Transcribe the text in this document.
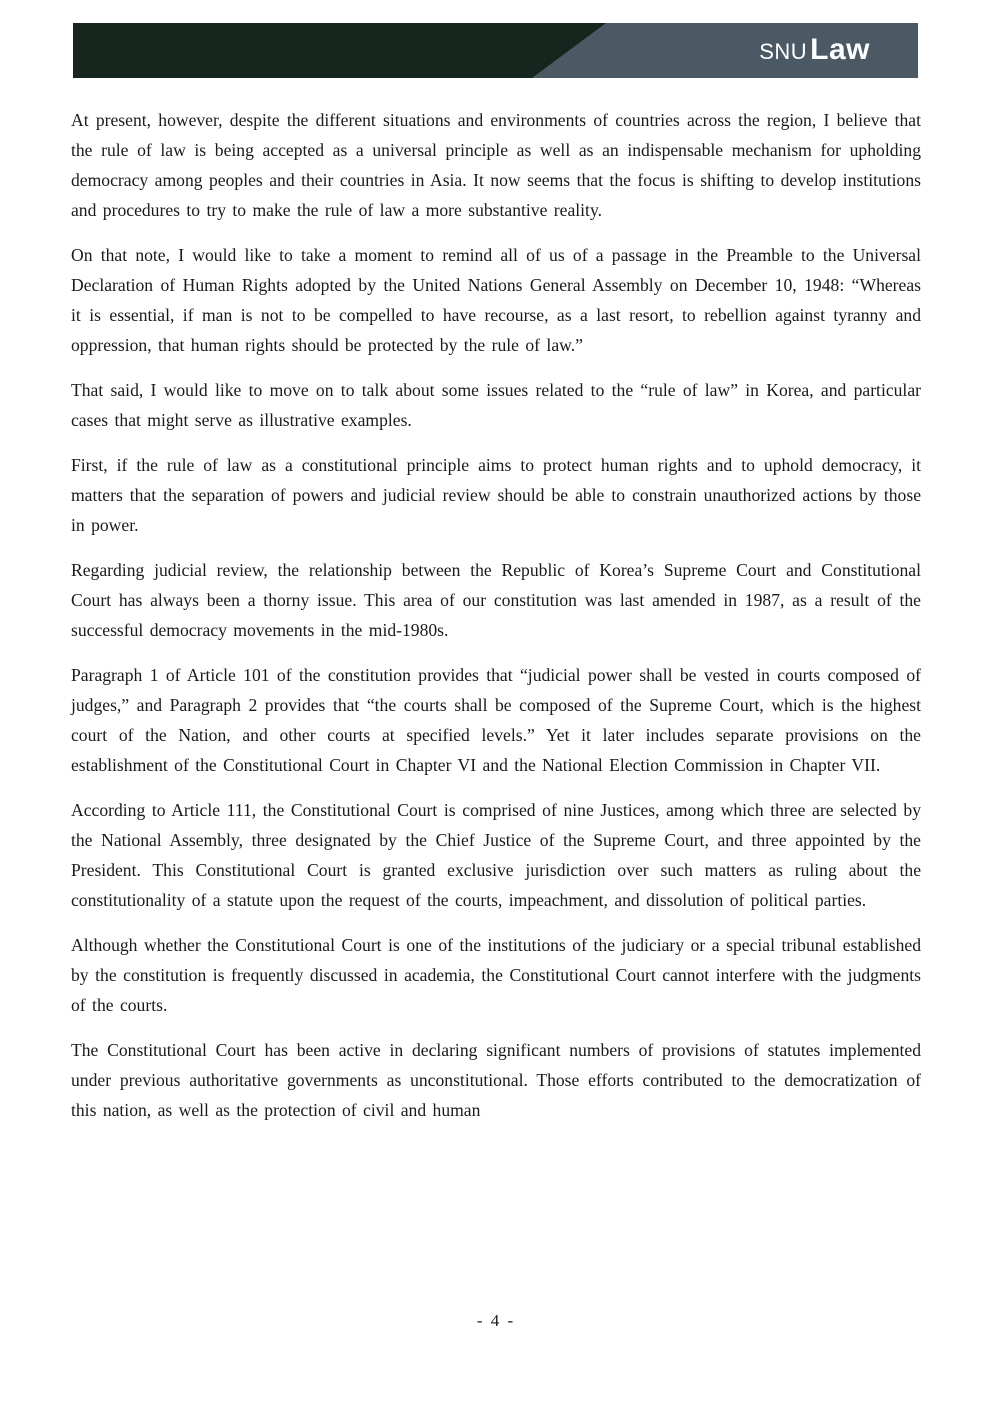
SNU Law

At present, however, despite the different situations and environments of countries across the region, I believe that the rule of law is being accepted as a universal principle as well as an indispensable mechanism for upholding democracy among peoples and their countries in Asia. It now seems that the focus is shifting to develop institutions and procedures to try to make the rule of law a more substantive reality.

On that note, I would like to take a moment to remind all of us of a passage in the Preamble to the Universal Declaration of Human Rights adopted by the United Nations General Assembly on December 10, 1948: “Whereas it is essential, if man is not to be compelled to have recourse, as a last resort, to rebellion against tyranny and oppression, that human rights should be protected by the rule of law.”

That said, I would like to move on to talk about some issues related to the “rule of law” in Korea, and particular cases that might serve as illustrative examples.

First, if the rule of law as a constitutional principle aims to protect human rights and to uphold democracy, it matters that the separation of powers and judicial review should be able to constrain unauthorized actions by those in power.

Regarding judicial review, the relationship between the Republic of Korea’s Supreme Court and Constitutional Court has always been a thorny issue. This area of our constitution was last amended in 1987, as a result of the successful democracy movements in the mid-1980s.

Paragraph 1 of Article 101 of the constitution provides that “judicial power shall be vested in courts composed of judges,” and Paragraph 2 provides that “the courts shall be composed of the Supreme Court, which is the highest court of the Nation, and other courts at specified levels.” Yet it later includes separate provisions on the establishment of the Constitutional Court in Chapter VI and the National Election Commission in Chapter VII.

According to Article 111, the Constitutional Court is comprised of nine Justices, among which three are selected by the National Assembly, three designated by the Chief Justice of the Supreme Court, and three appointed by the President. This Constitutional Court is granted exclusive jurisdiction over such matters as ruling about the constitutionality of a statute upon the request of the courts, impeachment, and dissolution of political parties.

Although whether the Constitutional Court is one of the institutions of the judiciary or a special tribunal established by the constitution is frequently discussed in academia, the Constitutional Court cannot interfere with the judgments of the courts.

The Constitutional Court has been active in declaring significant numbers of provisions of statutes implemented under previous authoritative governments as unconstitutional. Those efforts contributed to the democratization of this nation, as well as the protection of civil and human

- 4 -
